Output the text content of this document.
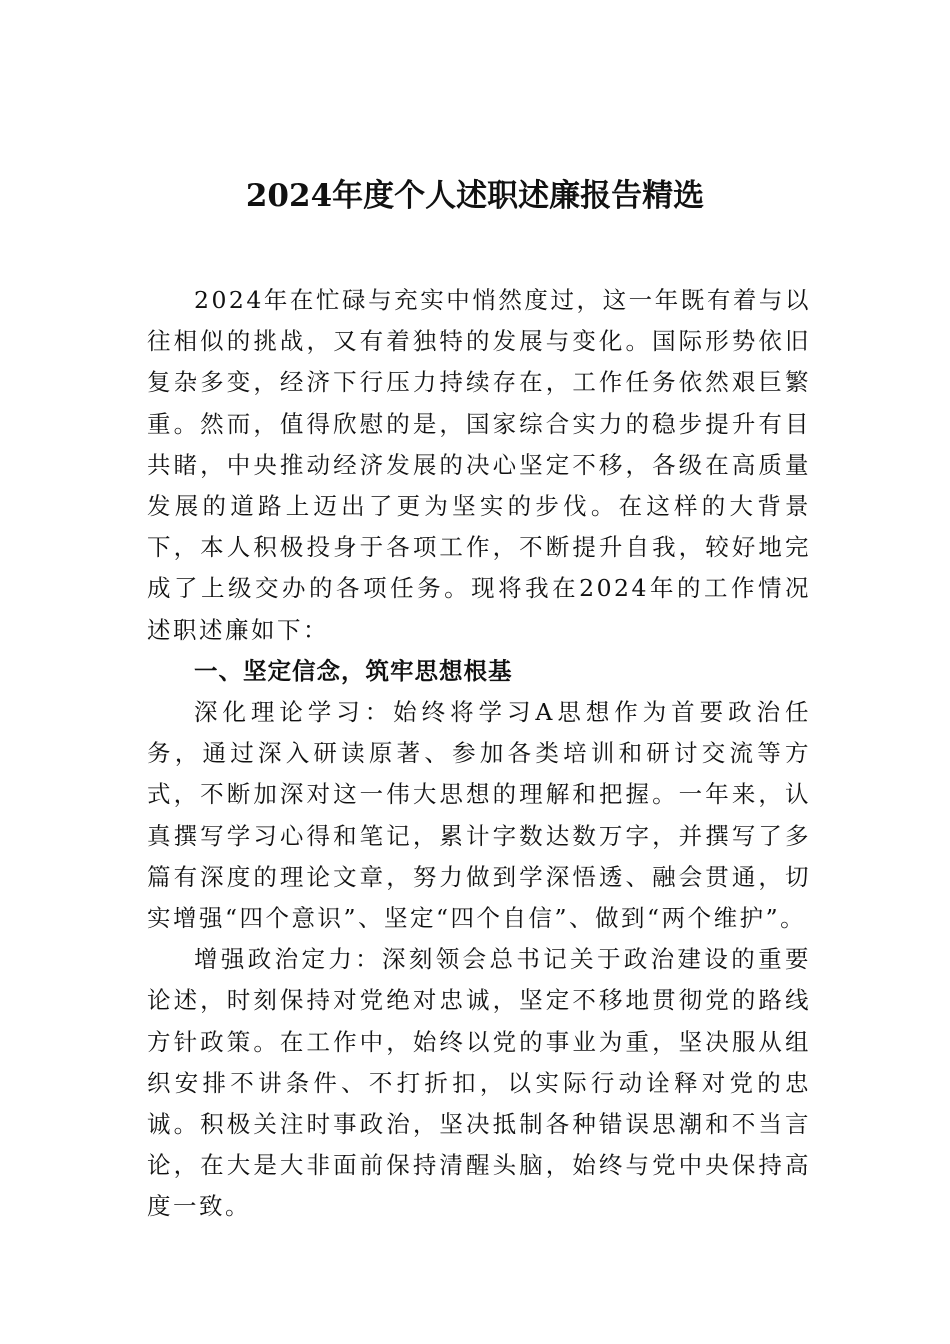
2024年度个人述职述廉报告精选

2024年在忙碌与充实中悄然度过，这一年既有着与以往相似的挑战，又有着独特的发展与变化。国际形势依旧复杂多变，经济下行压力持续存在，工作任务依然艰巨繁重。然而，值得欣慰的是，国家综合实力的稳步提升有目共睹，中央推动经济发展的决心坚定不移，各级在高质量发展的道路上迈出了更为坚实的步伐。在这样的大背景下，本人积极投身于各项工作，不断提升自我，较好地完成了上级交办的各项任务。现将我在2024年的工作情况述职述廉如下：

一、坚定信念，筑牢思想根基

深化理论学习：始终将学习A思想作为首要政治任务，通过深入研读原著、参加各类培训和研讨交流等方式，不断加深对这一伟大思想的理解和把握。一年来，认真撰写学习心得和笔记，累计字数达数万字，并撰写了多篇有深度的理论文章，努力做到学深悟透、融会贯通，切实增强“四个意识”、坚定“四个自信”、做到“两个维护”。

增强政治定力：深刻领会总书记关于政治建设的重要论述，时刻保持对党绝对忠诚，坚定不移地贯彻党的路线方针政策。在工作中，始终以党的事业为重，坚决服从组织安排不讲条件、不打折扣，以实际行动诠释对党的忠诚。积极关注时事政治，坚决抵制各种错误思潮和不当言论，在大是大非面前保持清醒头脑，始终与党中央保持高度一致。
